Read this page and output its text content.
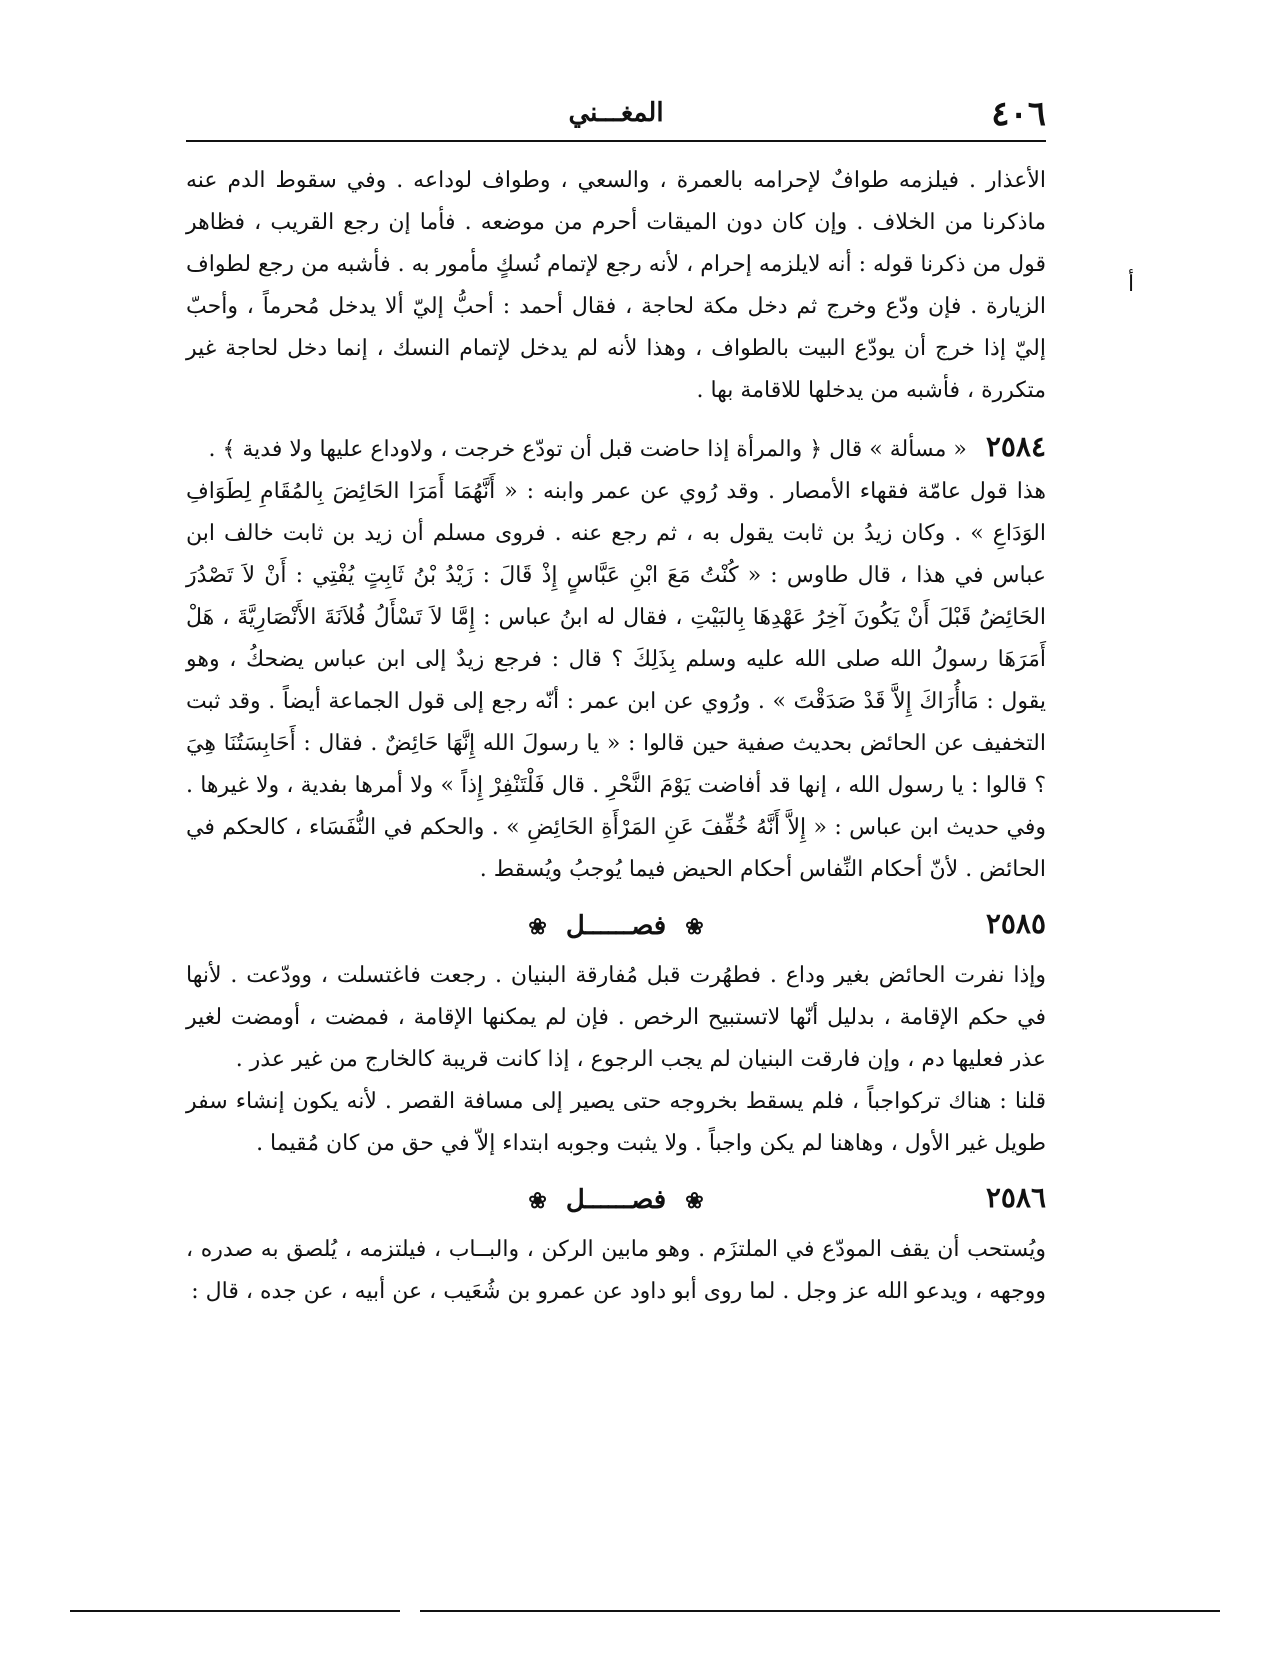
٤٠٦
المغـــني
أ

الأعذار . فيلزمه طوافٌ لإحرامه بالعمرة ، والسعي ، وطواف لوداعه . وفي سقوط الدم عنه ماذكرنا من الخلاف . وإن كان دون الميقات أحرم من موضعه . فأما إن رجع القريب ، فظاهر قول من ذكرنا قوله : أنه لايلزمه إحرام ، لأنه رجع لإتمام نُسكٍ مأمور به . فأشبه من رجع لطواف الزيارة . فإن ودّع وخرج ثم دخل مكة لحاجة ، فقال أحمد : أحبُّ إليّ ألا يدخل مُحرماً ، وأحبّ إليّ إذا خرج أن يودّع البيت بالطواف ، وهذا لأنه لم يدخل لإتمام النسك ، إنما دخل لحاجة غير متكررة ، فأشبه من يدخلها للاقامة بها .

٢٥٨٤ « مسألة » قال ﴿ والمرأة إذا حاضت قبل أن تودّع خرجت ، ولاوداع عليها ولا فدية ﴾ .

هذا قول عامّة فقهاء الأمصار . وقد رُوي عن عمر وابنه : « أَنَّهُمَا أَمَرَا الحَائِضَ بِالمُقَامِ لِطَوَافِ الوَدَاعِ » . وكان زيدُ بن ثابت يقول به ، ثم رجع عنه . فروى مسلم أن زيد بن ثابت خالف ابن عباس في هذا ، قال طاوس : « كُنْتُ مَعَ ابْنِ عَبَّاسٍ إِذْ قَالَ : زَيْدُ بْنُ ثَابِتٍ يُفْتِي : أَنْ لاَ تَصْدُرَ الحَائِضُ قَبْلَ أَنْ يَكُونَ آخِرُ عَهْدِهَا بِالبَيْتِ ، فقال له ابنُ عباس : إِمَّا لاَ تَسْأَلُ فُلاَنَةَ الأَنْصَارِيَّةَ ، هَلْ أَمَرَهَا رسولُ الله صلى الله عليه وسلم بِذَلِكَ ؟ قال : فرجع زيدٌ إلى ابن عباس يضحكُ ، وهو يقول : مَاأُرَاكَ إِلاَّ قَدْ صَدَقْتَ » . ورُوي عن ابن عمر : أنّه رجع إلى قول الجماعة أيضاً . وقد ثبت التخفيف عن الحائض بحديث صفية حين قالوا : « يا رسولَ الله إِنَّهَا حَائِضٌ . فقال : أَحَابِسَتُنَا هِيَ ؟ قالوا : يا رسول الله ، إنها قد أفاضت يَوْمَ النَّحْرِ . قال فَلْتَنْفِرْ إِذاً » ولا أمرها بفدية ، ولا غيرها . وفي حديث ابن عباس : « إِلاَّ أَنَّهُ خُفِّفَ عَنِ المَرْأَةِ الحَائِضِ » . والحكم في النُّفَسَاء ، كالحكم في الحائض . لأنّ أحكام النِّفاس أحكام الحيض فيما يُوجبُ ويُسقط .

٢٥٨٥
❀ فصــــــل ❀

وإذا نفرت الحائض بغير وداع . فطهُرت قبل مُفارقة البنيان . رجعت فاغتسلت ، وودّعت . لأنها في حكم الإقامة ، بدليل أنّها لاتستبيح الرخص . فإن لم يمكنها الإقامة ، فمضت ، أومضت لغير عذر فعليها دم ، وإن فارقت البنيان لم يجب الرجوع ، إذا كانت قريبة كالخارج من غير عذر .

قلنا : هناك تركواجباً ، فلم يسقط بخروجه حتى يصير إلى مسافة القصر . لأنه يكون إنشاء سفر طويل غير الأول ، وهاهنا لم يكن واجباً . ولا يثبت وجوبه ابتداء إلاّ في حق من كان مُقيما .

٢٥٨٦
❀ فصــــــل ❀

ويُستحب أن يقف المودّع في الملتزَم . وهو مابين الركن ، والبــاب ، فيلتزمه ، يُلصق به صدره ، ووجهه ، ويدعو الله عز وجل . لما روى أبو داود عن عمرو بن شُعَيب ، عن أبيه ، عن جده ، قال :
